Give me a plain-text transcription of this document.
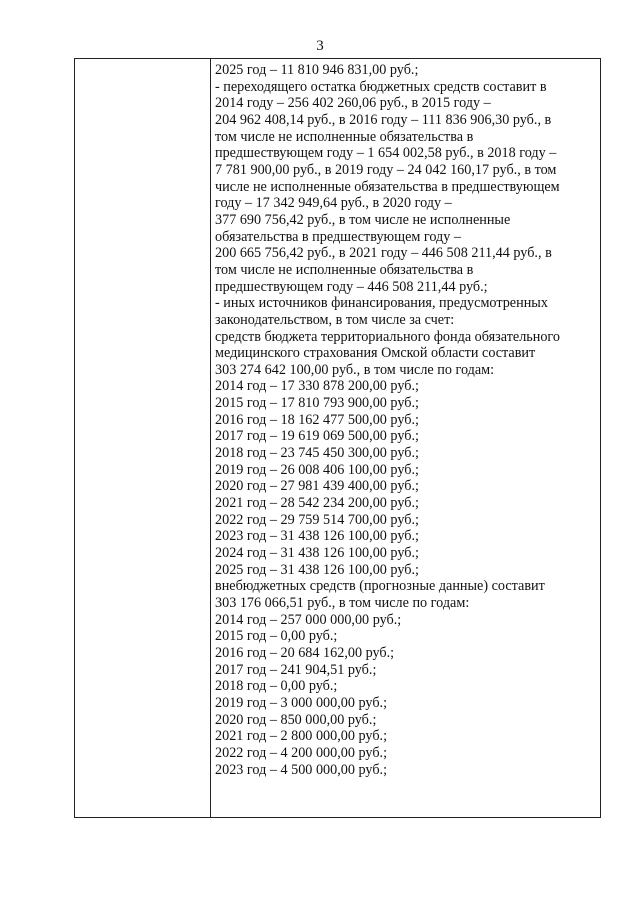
3
2025 год – 11 810 946 831,00 руб.;
- переходящего остатка бюджетных средств составит в
2014 году – 256 402 260,06 руб., в 2015 году –
204 962 408,14 руб., в 2016 году – 111 836 906,30 руб., в
том числе не исполненные обязательства в
предшествующем году – 1 654 002,58 руб., в 2018 году –
7 781 900,00 руб., в 2019 году – 24 042 160,17 руб., в том
числе не исполненные обязательства в предшествующем
году – 17 342 949,64 руб., в 2020 году –
377 690 756,42 руб., в том числе не исполненные
обязательства в предшествующем году –
200 665 756,42 руб., в 2021 году – 446 508 211,44 руб., в
том числе не исполненные обязательства в
предшествующем году – 446 508 211,44 руб.;
- иных источников финансирования, предусмотренных
законодательством, в том числе за счет:
средств бюджета территориального фонда обязательного
медицинского страхования Омской области составит
303 274 642 100,00 руб., в том числе по годам:
2014 год – 17 330 878 200,00 руб.;
2015 год – 17 810 793 900,00 руб.;
2016 год – 18 162 477 500,00 руб.;
2017 год – 19 619 069 500,00 руб.;
2018 год – 23 745 450 300,00 руб.;
2019 год – 26 008 406 100,00 руб.;
2020 год – 27 981 439 400,00 руб.;
2021 год – 28 542 234 200,00 руб.;
2022 год – 29 759 514 700,00 руб.;
2023 год – 31 438 126 100,00 руб.;
2024 год – 31 438 126 100,00 руб.;
2025 год – 31 438 126 100,00 руб.;
внебюджетных средств (прогнозные данные) составит
303 176 066,51 руб., в том числе по годам:
2014 год – 257 000 000,00 руб.;
2015 год – 0,00 руб.;
2016 год – 20 684 162,00 руб.;
2017 год – 241 904,51 руб.;
2018 год – 0,00 руб.;
2019 год – 3 000 000,00 руб.;
2020 год – 850 000,00 руб.;
2021 год – 2 800 000,00 руб.;
2022 год – 4 200 000,00 руб.;
2023 год – 4 500 000,00 руб.;
